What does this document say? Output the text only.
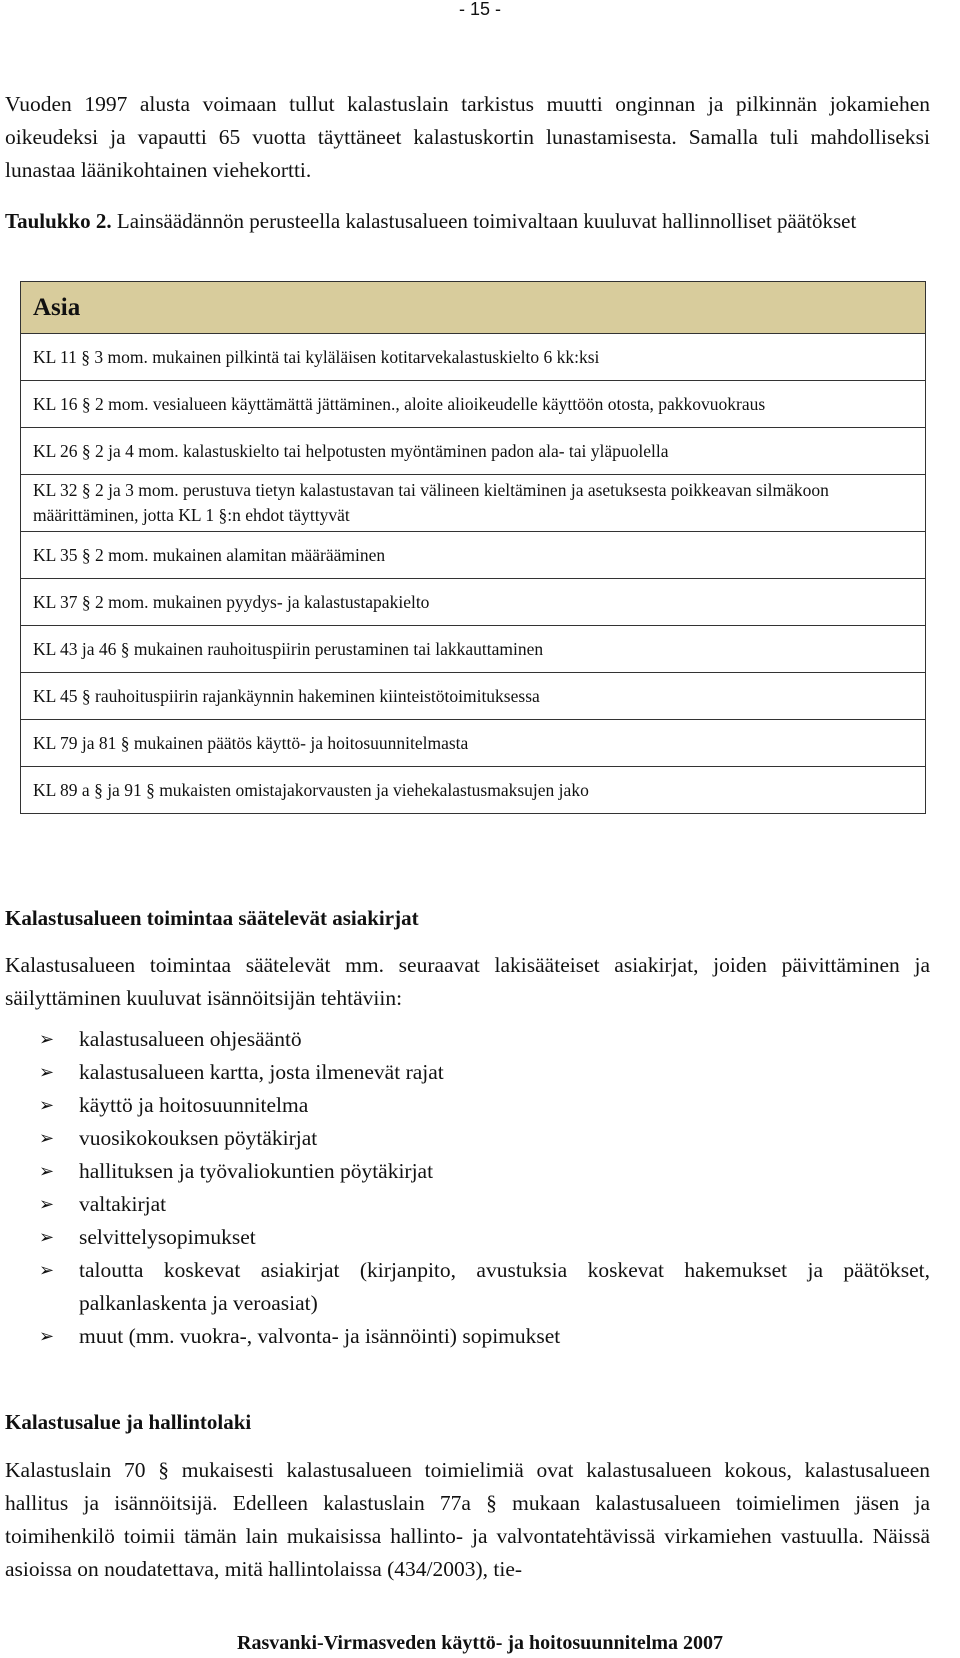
- 15 -

Vuoden 1997 alusta voimaan tullut kalastuslain tarkistus muutti onginnan ja pilkinnän jokamiehen oikeudeksi ja vapautti 65 vuotta täyttäneet kalastuskortin lunastamisesta. Samalla tuli mahdolliseksi lunastaa läänikohtainen viehekortti.

Taulukko 2. Lainsäädännön perusteella kalastusalueen toimivaltaan kuuluvat hallinnolliset päätökset

Asia
KL 11 § 3 mom. mukainen pilkintä tai kyläläisen kotitarvekalastuskielto 6 kk:ksi
KL 16 § 2 mom. vesialueen käyttämättä jättäminen., aloite alioikeudelle käyttöön otosta, pakkovuokraus
KL 26 § 2 ja 4 mom. kalastuskielto tai helpotusten myöntäminen padon ala- tai yläpuolella
KL 32 § 2 ja 3 mom. perustuva tietyn kalastustavan tai välineen kieltäminen ja asetuksesta poikkeavan silmäkoon määrittäminen, jotta KL 1 §:n ehdot täyttyvät
KL 35 § 2 mom. mukainen alamitan määrääminen
KL 37 § 2 mom. mukainen pyydys- ja kalastustapakielto
KL 43 ja 46 § mukainen rauhoituspiirin perustaminen tai lakkauttaminen
KL 45 § rauhoituspiirin rajankäynnin hakeminen kiinteistötoimituksessa
KL 79 ja 81 § mukainen päätös käyttö- ja hoitosuunnitelmasta
KL 89 a § ja 91 § mukaisten omistajakorvausten ja viehekalastusmaksujen jako
Kalastusalueen toimintaa säätelevät asiakirjat

Kalastusalueen toimintaa säätelevät mm. seuraavat lakisääteiset asiakirjat, joiden päivittäminen ja säilyttäminen kuuluvat isännöitsijän tehtäviin:

➢ kalastusalueen ohjesääntö
➢ kalastusalueen kartta, josta ilmenevät rajat
➢ käyttö ja hoitosuunnitelma
➢ vuosikokouksen pöytäkirjat
➢ hallituksen ja työvaliokuntien pöytäkirjat
➢ valtakirjat
➢ selvittelysopimukset
➢ taloutta koskevat asiakirjat (kirjanpito, avustuksia koskevat hakemukset ja päätökset, palkanlaskenta ja veroasiat)
➢ muut (mm. vuokra-, valvonta- ja isännöinti) sopimukset
Kalastusalue ja hallintolaki

Kalastuslain 70 § mukaisesti kalastusalueen toimielimiä ovat kalastusalueen kokous, kalastusalueen hallitus ja isännöitsijä. Edelleen kalastuslain 77a § mukaan kalastusalueen toimielimen jäsen ja toimihenkilö toimii tämän lain mukaisissa hallinto- ja valvontatehtävissä virkamiehen vastuulla. Näissä asioissa on noudatettava, mitä hallintolaissa (434/2003), tie-

Rasvanki-Virmasveden käyttö- ja hoitosuunnitelma 2007
